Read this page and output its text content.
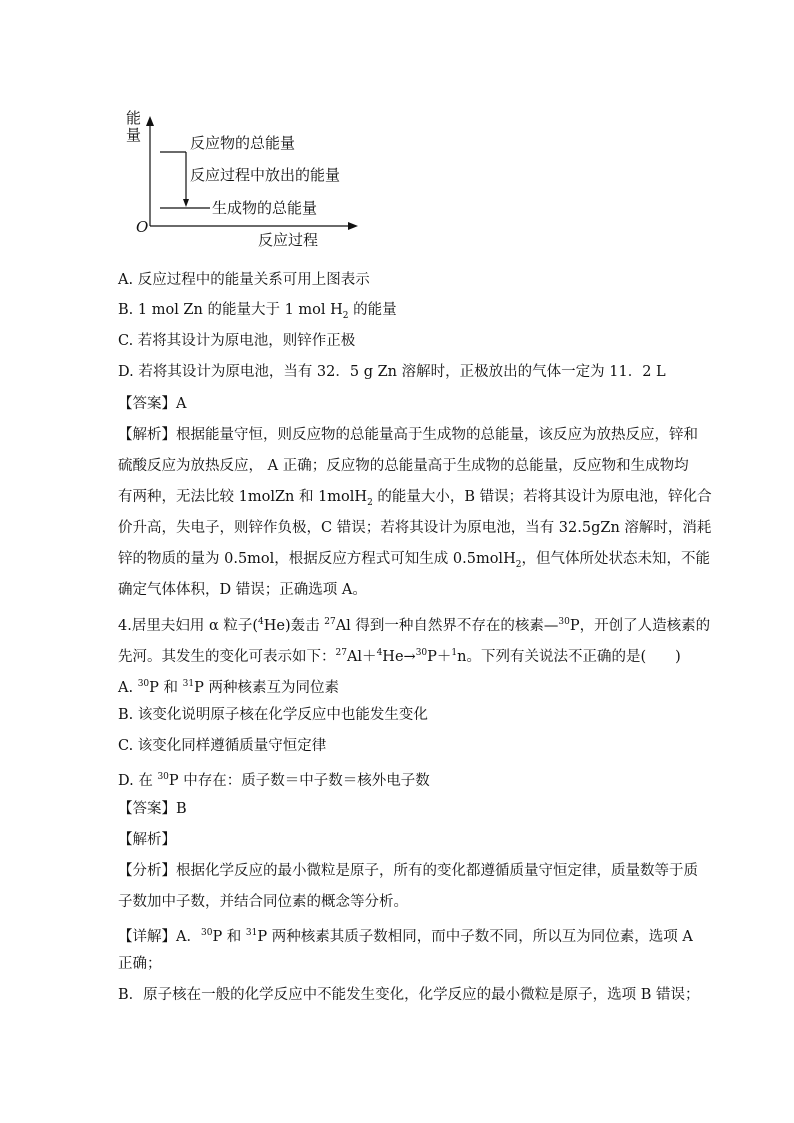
能量
O
反应物的总能量
反应过程中放出的能量
生成物的总能量
反应过程
A. 反应过程中的能量关系可用上图表示
B. 1 mol Zn 的能量大于 1 mol $H_2$ 的能量
C. 若将其设计为原电池，则锌作正极
D. 若将其设计为原电池，当有 32．5 g Zn 溶解时，正极放出的气体一定为 11．2 L
【答案】A
【解析】根据能量守恒，则反应物的总能量高于生成物的总能量，该反应为放热反应，锌和
硫酸反应为放热反应， A 正确；反应物的总能量高于生成物的总能量，反应物和生成物均
有两种，无法比较 1molZn 和 1molH$_2$ 的能量大小，B 错误；若将其设计为原电池，锌化合
价升高，失电子，则锌作负极，C 错误；若将其设计为原电池，当有 32.5gZn 溶解时，消耗
锌的物质的量为 0.5mol，根据反应方程式可知生成 0.5molH$_2$，但气体所处状态未知，不能
确定气体体积，D 错误；正确选项 A。
4.居里夫妇用 α 粒子($^4$He)轰击 $^{27}$Al 得到一种自然界不存在的核素—$^{30}$P，开创了人造核素的
先河。其发生的变化可表示如下：$^{27}$Al＋$^4$He→$^{30}$P＋$^1$n。下列有关说法不正确的是(　　)
A. $^{30}$P 和 $^{31}$P 两种核素互为同位素
B. 该变化说明原子核在化学反应中也能发生变化
C. 该变化同样遵循质量守恒定律
D. 在 $^{30}$P 中存在：质子数＝中子数＝核外电子数
【答案】B
【解析】
【分析】根据化学反应的最小微粒是原子，所有的变化都遵循质量守恒定律，质量数等于质
子数加中子数，并结合同位素的概念等分析。
【详解】A．$^{30}$P 和 $^{31}$P 两种核素其质子数相同，而中子数不同，所以互为同位素，选项 A
正确；
B．原子核在一般的化学反应中不能发生变化，化学反应的最小微粒是原子，选项 B 错误；
